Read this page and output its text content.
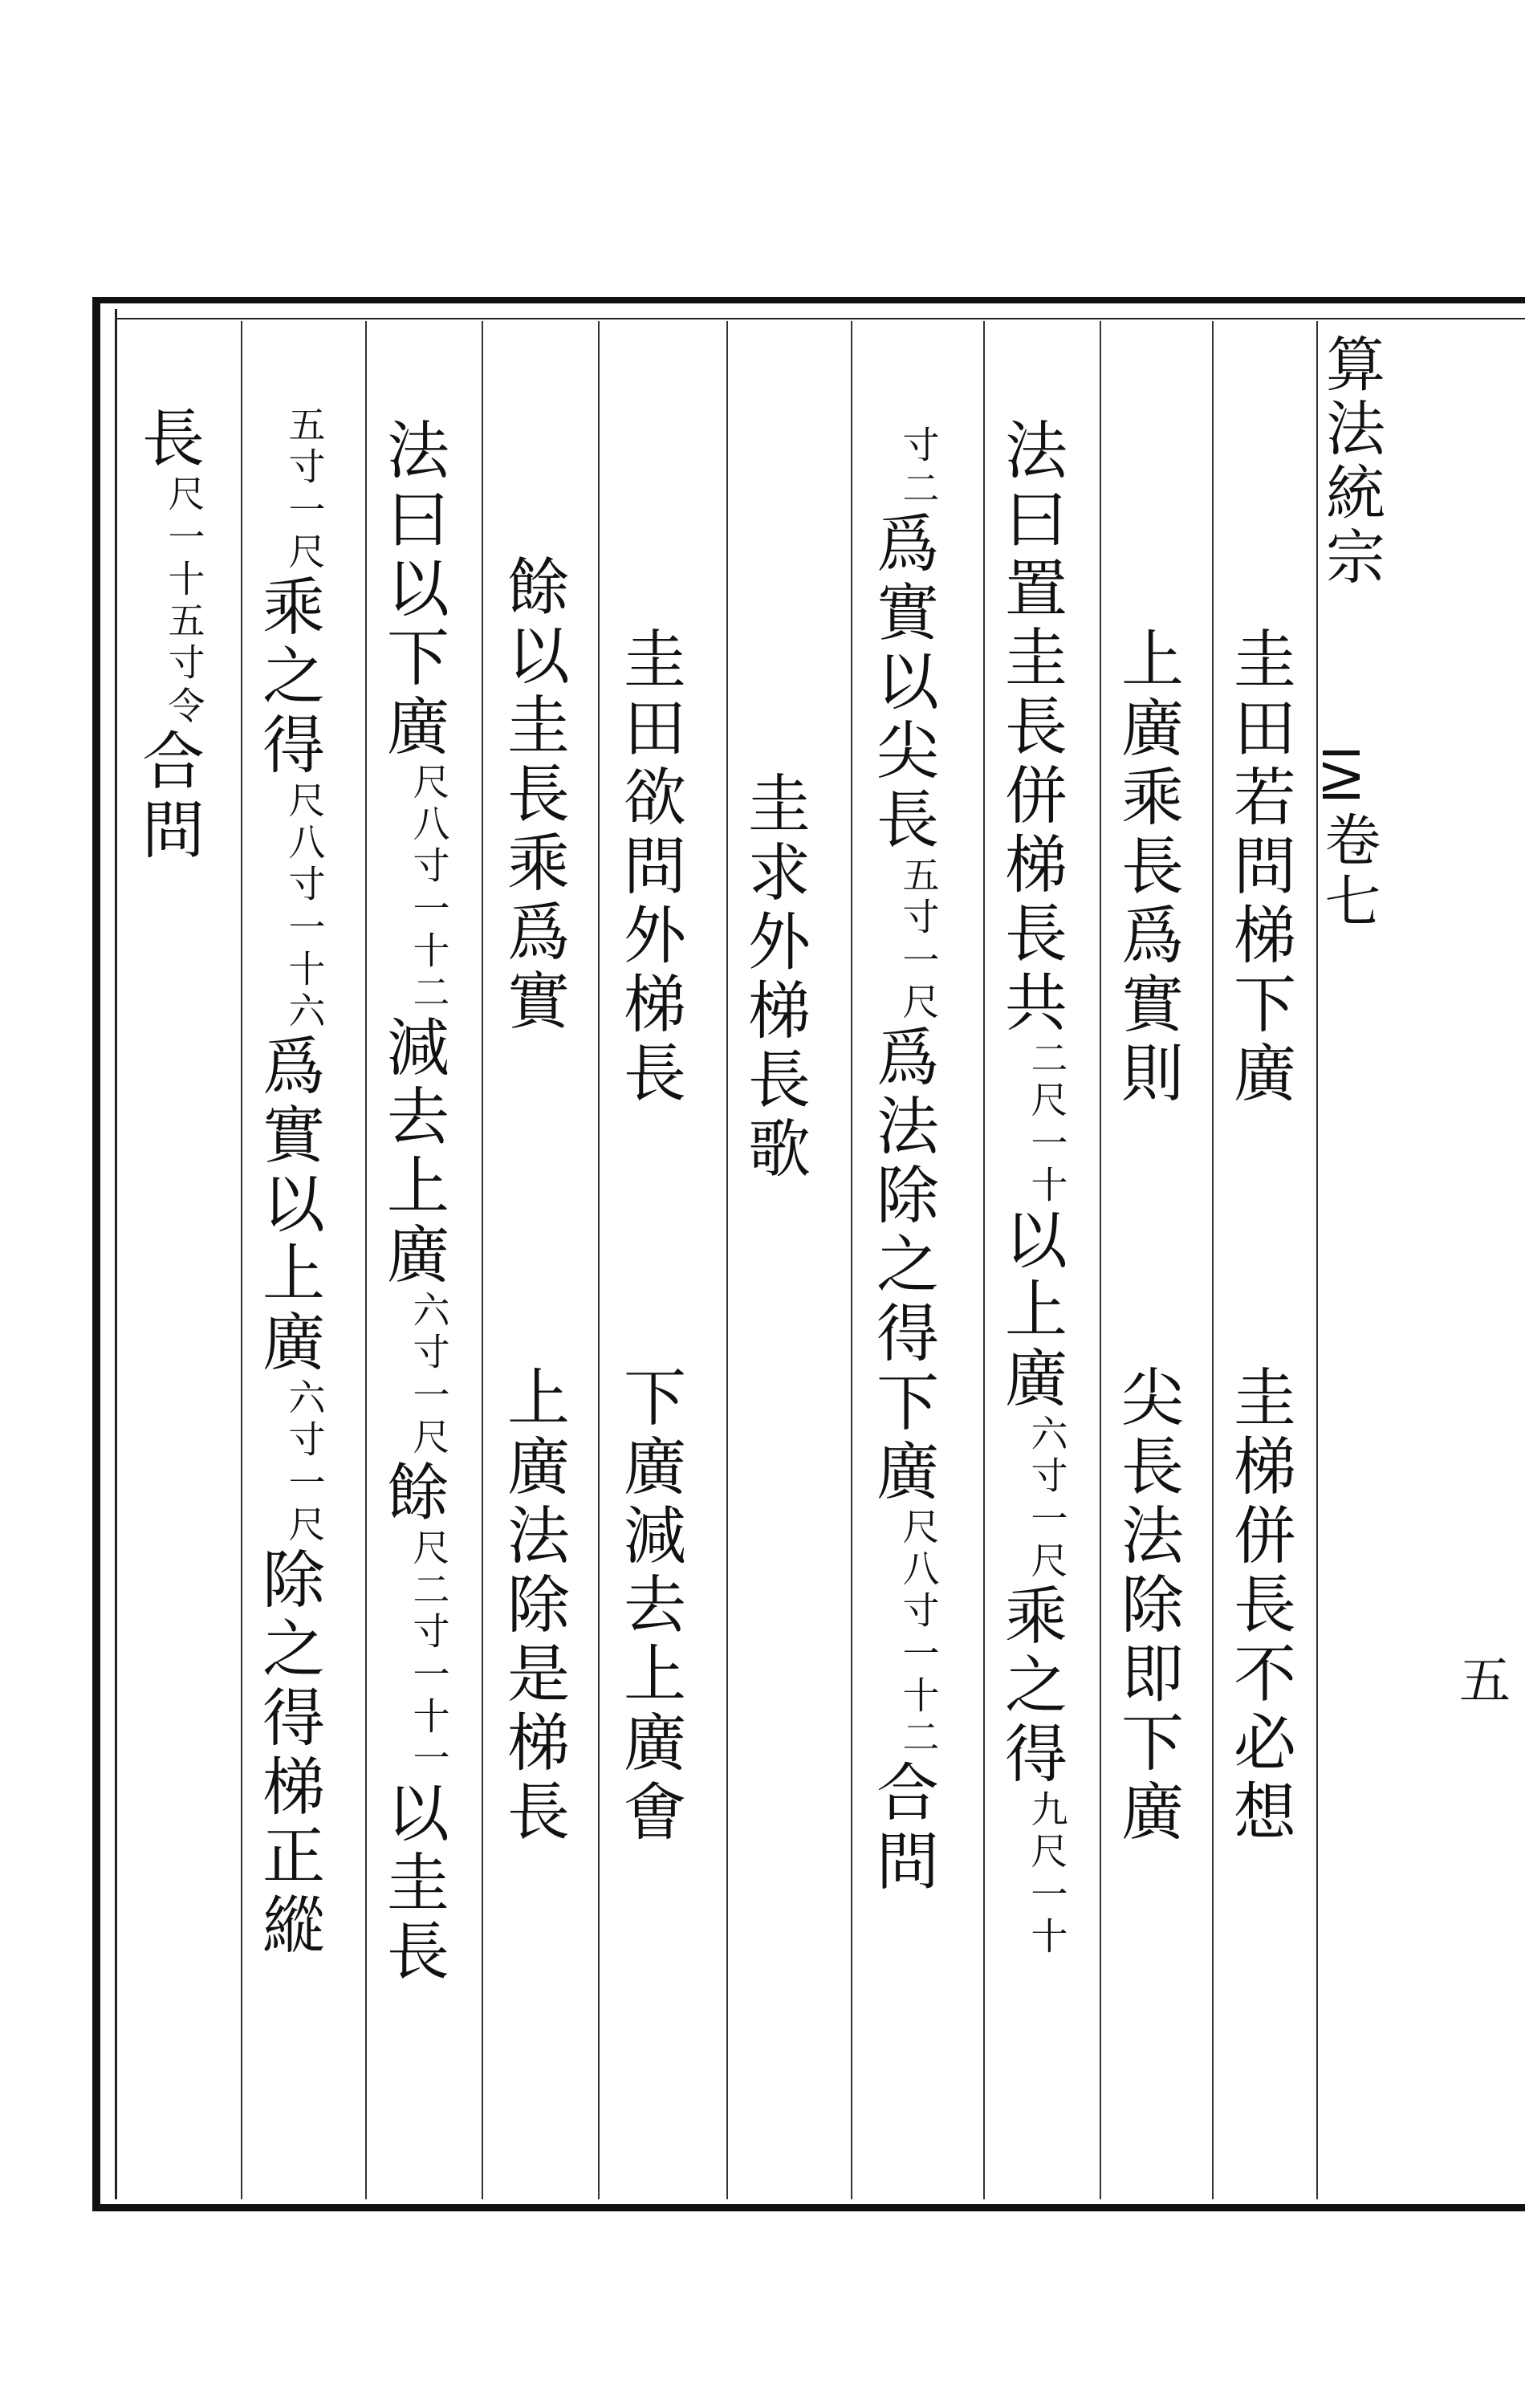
算法統宗
卷七
五
圭田若問梯下廣
圭梯併長不必想
上廣乘長爲實則
尖長法除即下廣
法曰置圭長併梯長共
一十
二尺
以上廣
一尺
六寸
乘之得
一十
九尺
二
寸
爲實以尖長
一尺
五寸
爲法除之得下廣
一十二
尺八寸
合問
圭求外梯長歌
圭田欲問外梯長
下廣減去上廣㑹
餘以圭長乘爲實
上廣法除是梯長
法曰以下廣
一十二
尺八寸
減去上廣
一尺
六寸
餘
一十一
尺二寸
以圭長
一尺
五寸
乘之得
一十六
尺八寸
爲實以上廣
一尺
六寸
除之得梯正縱
長
一十
尺
令
五寸
合問
